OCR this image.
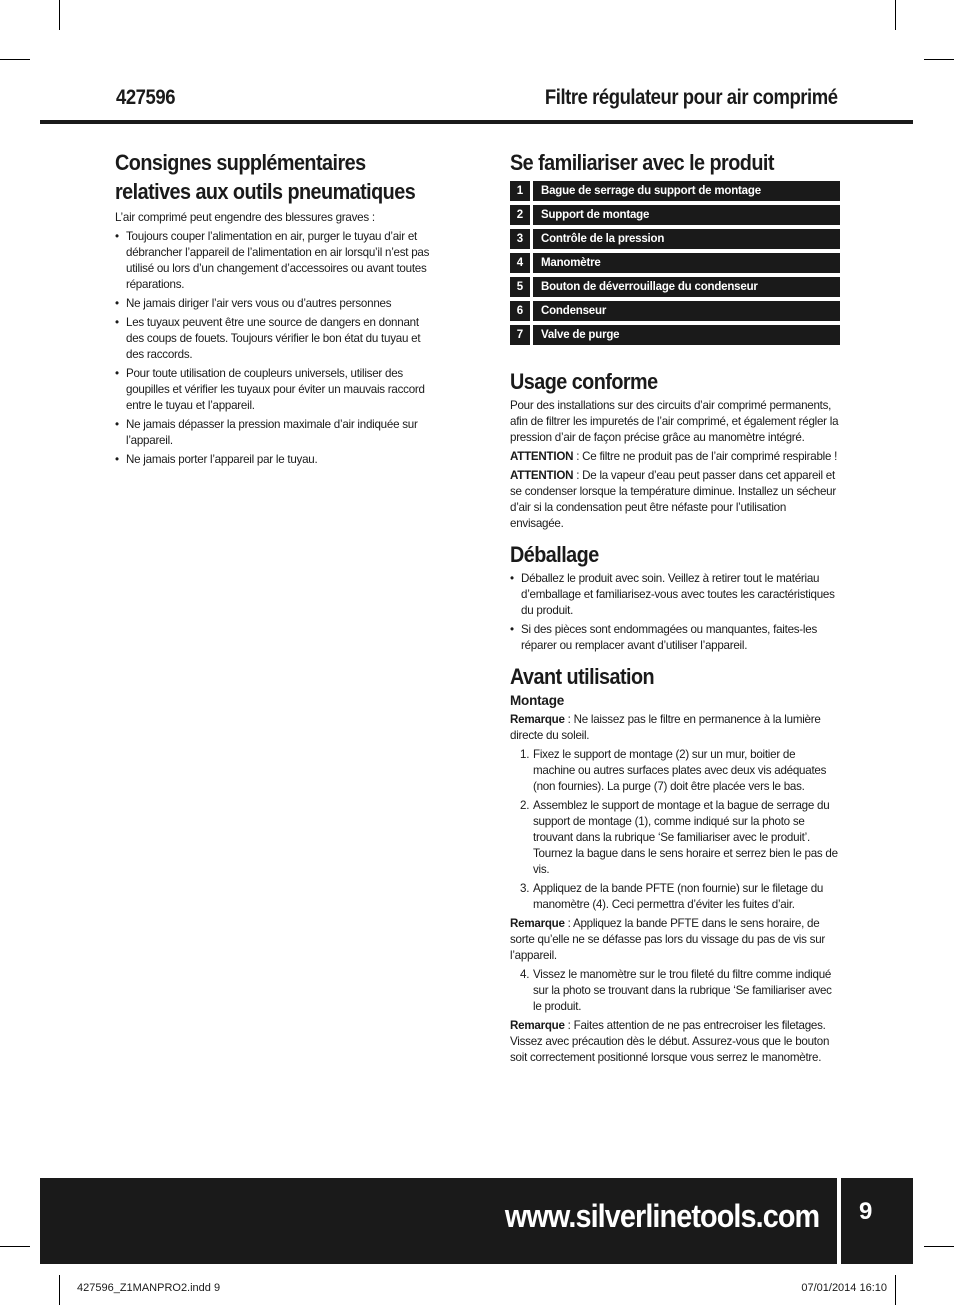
427596	Filtre régulateur pour air comprimé
Consignes supplémentaires
relatives aux outils pneumatiques

L’air comprimé peut engendre des blessures graves :

• Toujours couper l’alimentation en air, purger le tuyau d’air et débrancher l’appareil de l’alimentation en air lorsqu’il n’est pas utilisé ou lors d’un changement d’accessoires ou avant toutes réparations.
• Ne jamais diriger l’air vers vous ou d’autres personnes
• Les tuyaux peuvent être une source de dangers en donnant des coups de fouets. Toujours vérifier le bon état du tuyau et des raccords.
• Pour toute utilisation de coupleurs universels, utiliser des goupilles et vérifier les tuyaux pour éviter un mauvais raccord entre le tuyau et l’appareil.
• Ne jamais dépasser la pression maximale d’air indiquée sur l’appareil.
• Ne jamais porter l’appareil par le tuyau.
Se familiariser avec le produit
1	Bague de serrage du support de montage
2	Support de montage
3	Contrôle de la pression
4	Manomètre
5	Bouton de déverrouillage du condenseur
6	Condenseur
7	Valve de purge
Usage conforme

Pour des installations sur des circuits d’air comprimé permanents, afin de filtrer les impuretés de l’air comprimé, et également régler la pression d’air de façon précise grâce au manomètre intégré.

ATTENTION : Ce filtre ne produit pas de l’air comprimé respirable !

ATTENTION : De la vapeur d’eau peut passer dans cet appareil et se condenser lorsque la température diminue. Installez un sécheur d’air si la condensation peut être néfaste pour l’utilisation envisagée.

Déballage
• Déballez le produit avec soin. Veillez à retirer tout le matériau d’emballage et familiarisez-vous avec toutes les caractéristiques du produit.
• Si des pièces sont endommagées ou manquantes, faites-les réparer ou remplacer avant d’utiliser l’appareil.
Avant utilisation
Montage

Remarque : Ne laissez pas le filtre en permanence à la lumière directe du soleil.

1. Fixez le support de montage (2) sur un mur, boitier de machine ou autres surfaces plates avec deux vis adéquates (non fournies). La purge (7) doit être placée vers le bas.
2. Assemblez le support de montage et la bague de serrage du support de montage (1), comme indiqué sur la photo se trouvant dans la rubrique ‘Se familiariser avec le produit’. Tournez la bague dans le sens horaire et serrez bien le pas de vis.
3. Appliquez de la bande PFTE (non fournie) sur le filetage du manomètre (4). Ceci permettra d’éviter les fuites d’air.

Remarque : Appliquez la bande PFTE dans le sens horaire, de sorte qu’elle ne se défasse pas lors du vissage du pas de vis sur l’appareil.

4. Vissez le manomètre sur le trou fileté du filtre comme indiqué sur la photo se trouvant dans la rubrique ‘Se familiariser avec le produit.

Remarque : Faites attention de ne pas entrecroiser les filetages. Vissez avec précaution dès le début. Assurez-vous que le bouton soit correctement positionné lorsque vous serrez le manomètre.

www.silverlinetools.com 9
427596_Z1MANPRO2.indd 9	07/01/2014 16:10
